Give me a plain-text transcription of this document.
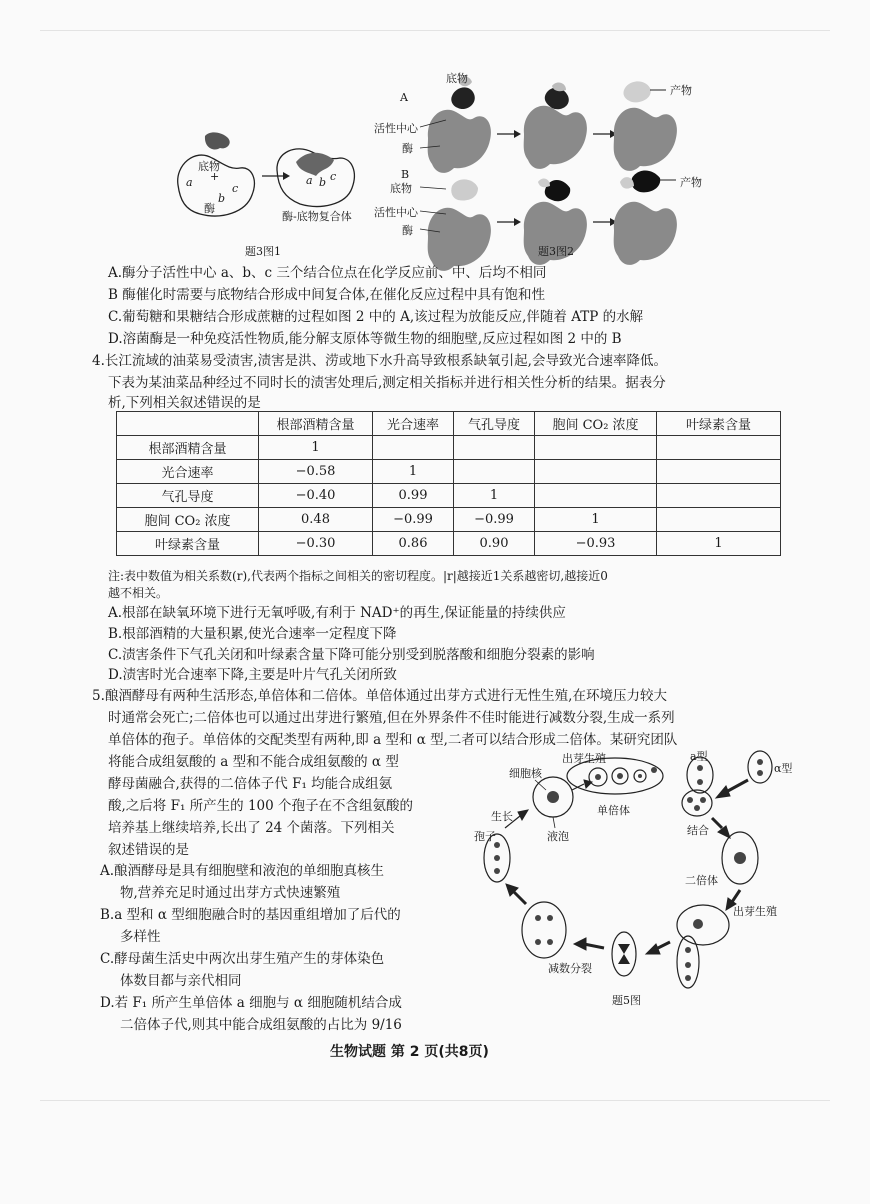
底物
+
a
b
c
酶
a b c
酶-底物复合体
题3图1
A
底物
活性中心
酶
产物
B
底物
活性中心
酶
产物
题3图2
A.酶分子活性中心 a、b、c 三个结合位点在化学反应前、中、后均不相同
B 酶催化时需要与底物结合形成中间复合体,在催化反应过程中具有饱和性
C.葡萄糖和果糖结合形成蔗糖的过程如图 2 中的 A,该过程为放能反应,伴随着 ATP 的水解
D.溶菌酶是一种免疫活性物质,能分解支原体等微生物的细胞壁,反应过程如图 2 中的 B
4.长江流域的油菜易受渍害,渍害是洪、涝或地下水升高导致根系缺氧引起,会导致光合速率降低。
下表为某油菜品种经过不同时长的渍害处理后,测定相关指标并进行相关性分析的结果。据表分
析,下列相关叙述错误的是
	根部酒精含量	光合速率	气孔导度	胞间 CO₂ 浓度	叶绿素含量
根部酒精含量	1				
光合速率	−0.58	1			
气孔导度	−0.40	0.99	1		
胞间 CO₂ 浓度	0.48	−0.99	−0.99	1	
叶绿素含量	−0.30	0.86	0.90	−0.93	1
注:表中数值为相关系数(r),代表两个指标之间相关的密切程度。|r|越接近1关系越密切,越接近0
越不相关。
A.根部在缺氧环境下进行无氧呼吸,有利于 NAD⁺的再生,保证能量的持续供应
B.根部酒精的大量积累,使光合速率一定程度下降
C.渍害条件下气孔关闭和叶绿素含量下降可能分别受到脱落酸和细胞分裂素的影响
D.渍害时光合速率下降,主要是叶片气孔关闭所致
5.酿酒酵母有两种生活形态,单倍体和二倍体。单倍体通过出芽方式进行无性生殖,在环境压力较大
时通常会死亡;二倍体也可以通过出芽进行繁殖,但在外界条件不佳时能进行减数分裂,生成一系列
单倍体的孢子。单倍体的交配类型有两种,即 a 型和 α 型,二者可以结合形成二倍体。某研究团队
将能合成组氨酸的 a 型和不能合成组氨酸的 α 型
酵母菌融合,获得的二倍体子代 F₁ 均能合成组氨
酸,之后将 F₁ 所产生的 100 个孢子在不含组氨酸的
培养基上继续培养,长出了 24 个菌落。下列相关
叙述错误的是
A.酿酒酵母是具有细胞壁和液泡的单细胞真核生
物,营养充足时通过出芽方式快速繁殖
B.a 型和 α 型细胞融合时的基因重组增加了后代的
多样性
C.酵母菌生活史中两次出芽生殖产生的芽体染色
体数目都与亲代相同
D.若 F₁ 所产生单倍体 a 细胞与 α 细胞随机结合成
二倍体子代,则其中能合成组氨酸的占比为 9/16
细胞核
出芽生殖	a型
α型
生长	单倍体
孢子	液泡	结合
二倍体
出芽生殖
减数分裂
题5图
生物试题 第 2 页(共8页)
